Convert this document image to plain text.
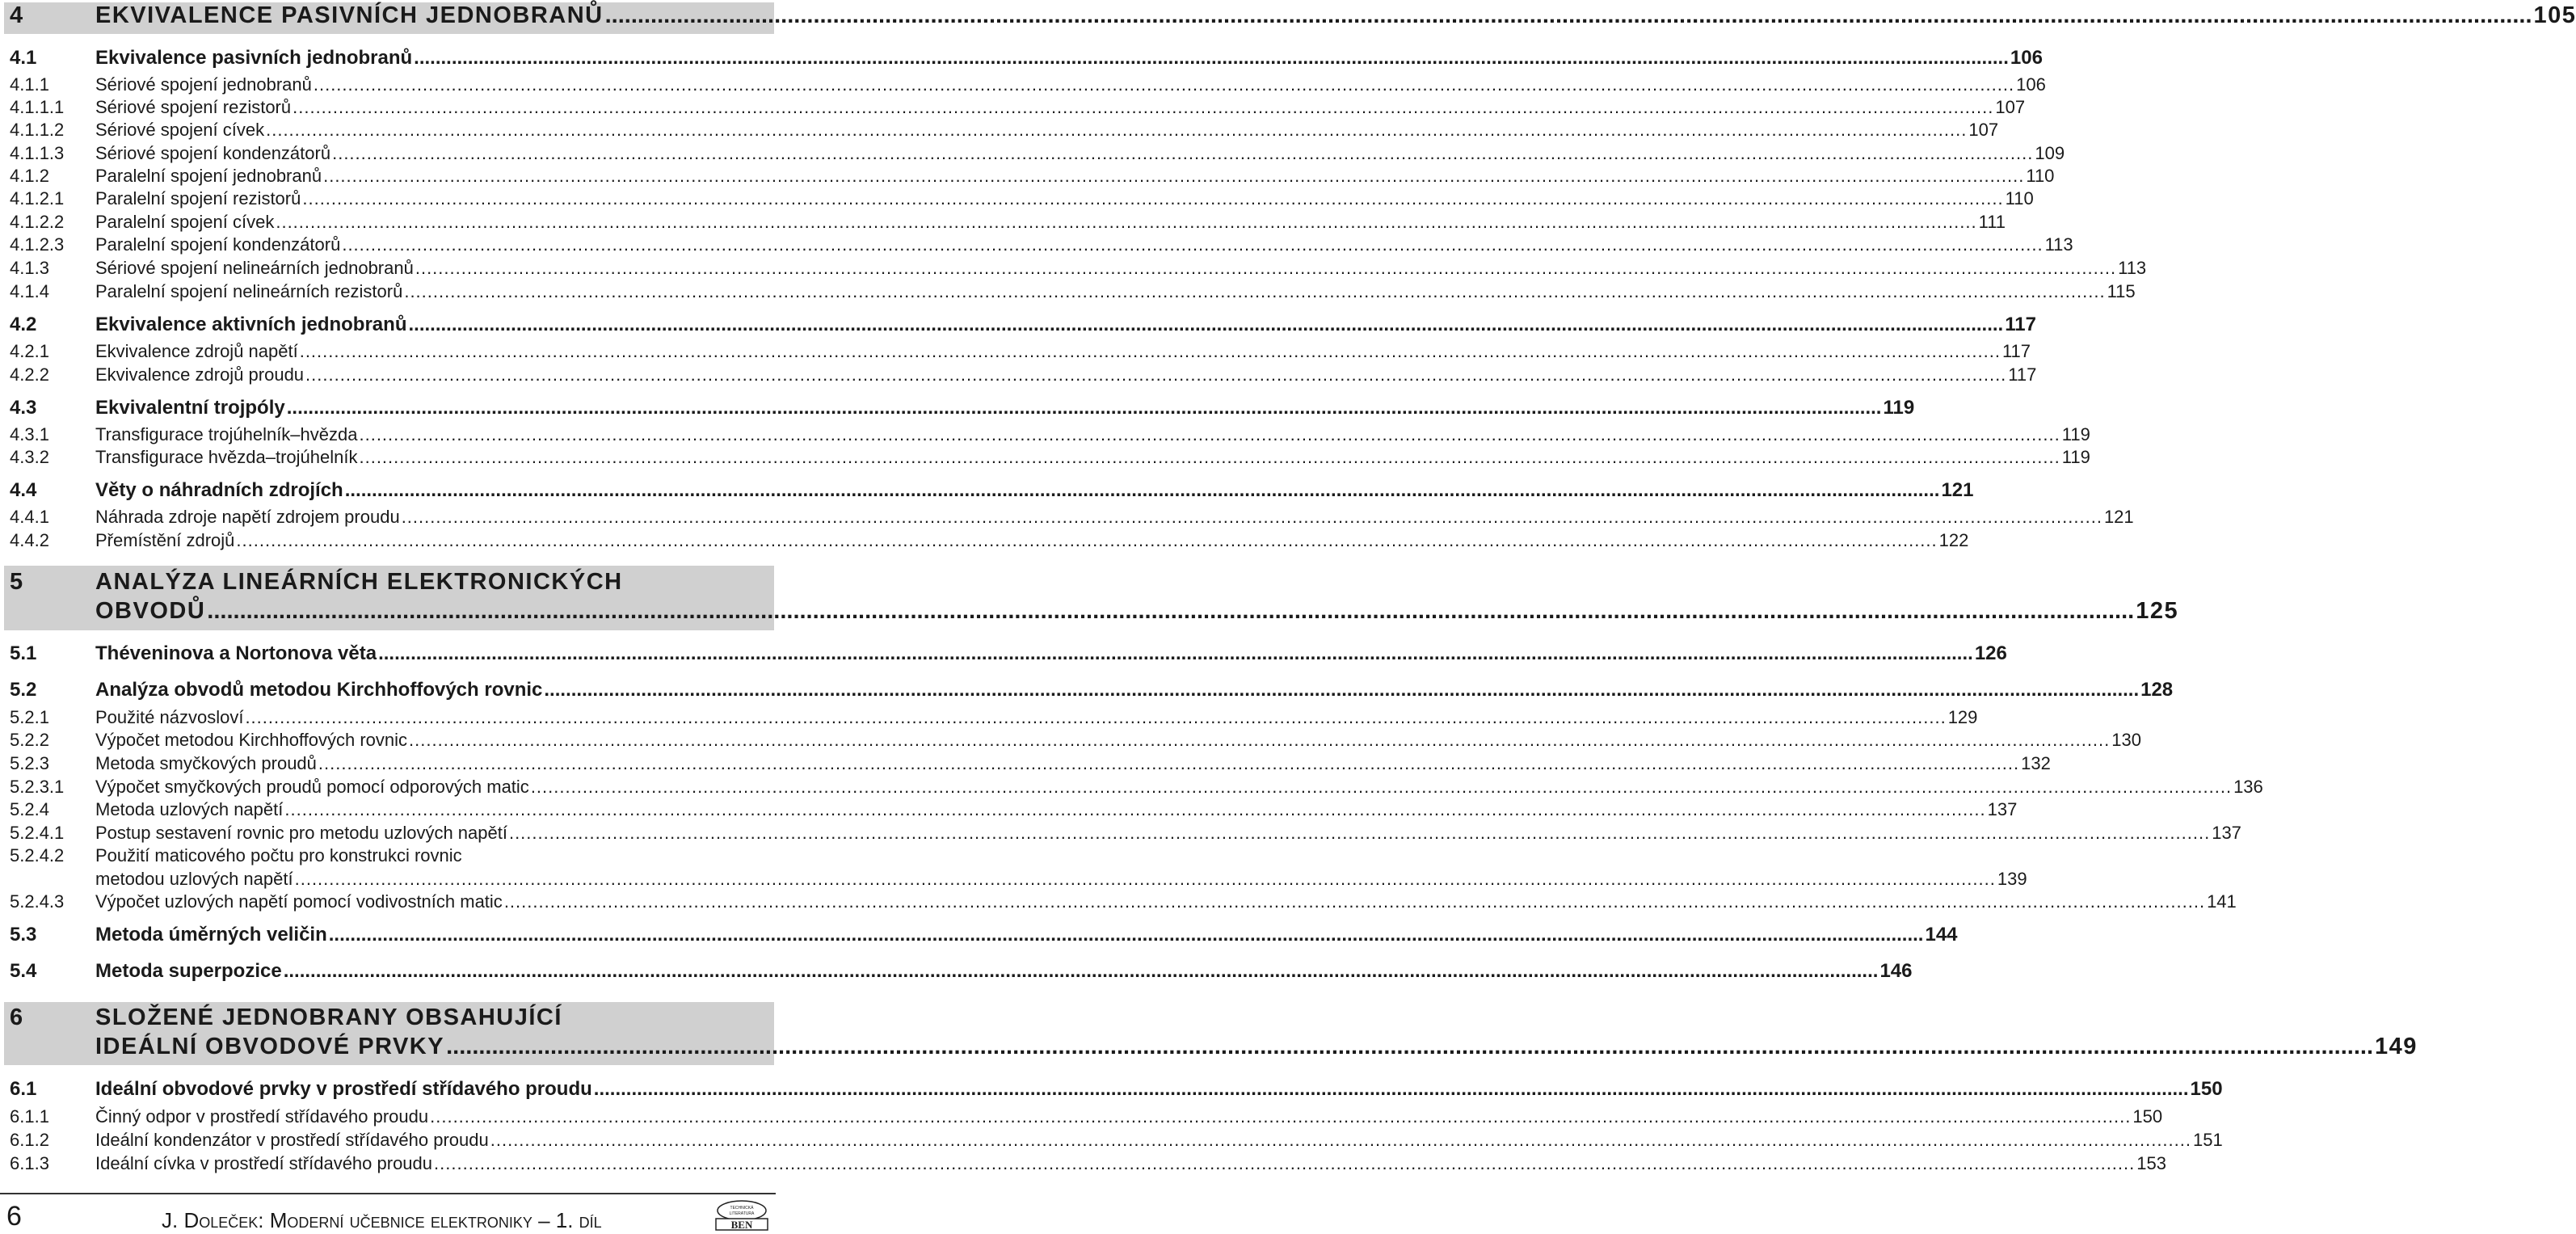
4	EKVIVALENCE PASIVNÍCH JEDNOBRANŮ .....	105
4.1	Ekvivalence pasivních jednobranů .....	106
4.1.1	Sériové spojení jednobranů .....	106
4.1.1.1	Sériové spojení rezistorů .....	107
4.1.1.2	Sériové spojení cívek .....	107
4.1.1.3	Sériové spojení kondenzátorů .....	109
4.1.2	Paralelní spojení jednobranů .....	110
4.1.2.1	Paralelní spojení rezistorů .....	110
4.1.2.2	Paralelní spojení cívek .....	111
4.1.2.3	Paralelní spojení kondenzátorů .....	113
4.1.3	Sériové spojení nelineárních jednobranů .....	113
4.1.4	Paralelní spojení nelineárních rezistorů .....	115
4.2	Ekvivalence aktivních jednobranů .....	117
4.2.1	Ekvivalence zdrojů napětí .....	117
4.2.2	Ekvivalence zdrojů proudu .....	117
4.3	Ekvivalentní trojpóly .....	119
4.3.1	Transfigurace trojúhelník–hvězda .....	119
4.3.2	Transfigurace hvězda–trojúhelník .....	119
4.4	Věty o náhradních zdrojích .....	121
4.4.1	Náhrada zdroje napětí zdrojem proudu .....	121
4.4.2	Přemístění zdrojů .....	122
5	ANALÝZA LINEÁRNÍCH ELEKTRONICKÝCH
OBVODŮ .....	125
5.1	Théveninova a Nortonova věta .....	126
5.2	Analýza obvodů metodou Kirchhoffových rovnic .....	128
5.2.1	Použité názvosloví .....	129
5.2.2	Výpočet metodou Kirchhoffových rovnic .....	130
5.2.3	Metoda smyčkových proudů .....	132
5.2.3.1	Výpočet smyčkových proudů pomocí odporových matic .....	136
5.2.4	Metoda uzlových napětí .....	137
5.2.4.1	Postup sestavení rovnic pro metodu uzlových napětí .....	137
5.2.4.2	Použití maticového počtu pro konstrukci rovnic
metodou uzlových napětí .....	139
5.2.4.3	Výpočet uzlových napětí pomocí vodivostních matic .....	141
5.3	Metoda úměrných veličin .....	144
5.4	Metoda superpozice .....	146
6	SLOŽENÉ JEDNOBRANY OBSAHUJÍCÍ
IDEÁLNÍ OBVODOVÉ PRVKY .....	149
6.1	Ideální obvodové prvky v prostředí střídavého proudu .....	150
6.1.1	Činný odpor v prostředí střídavého proudu .....	150
6.1.2	Ideální kondenzátor v prostředí střídavého proudu .....	151
6.1.3	Ideální cívka v prostředí střídavého proudu .....	153
6	J. Doleček: Moderní učebnice elektroniky – 1. díl	BEN
TECHNICKÁ
LITERATURA
